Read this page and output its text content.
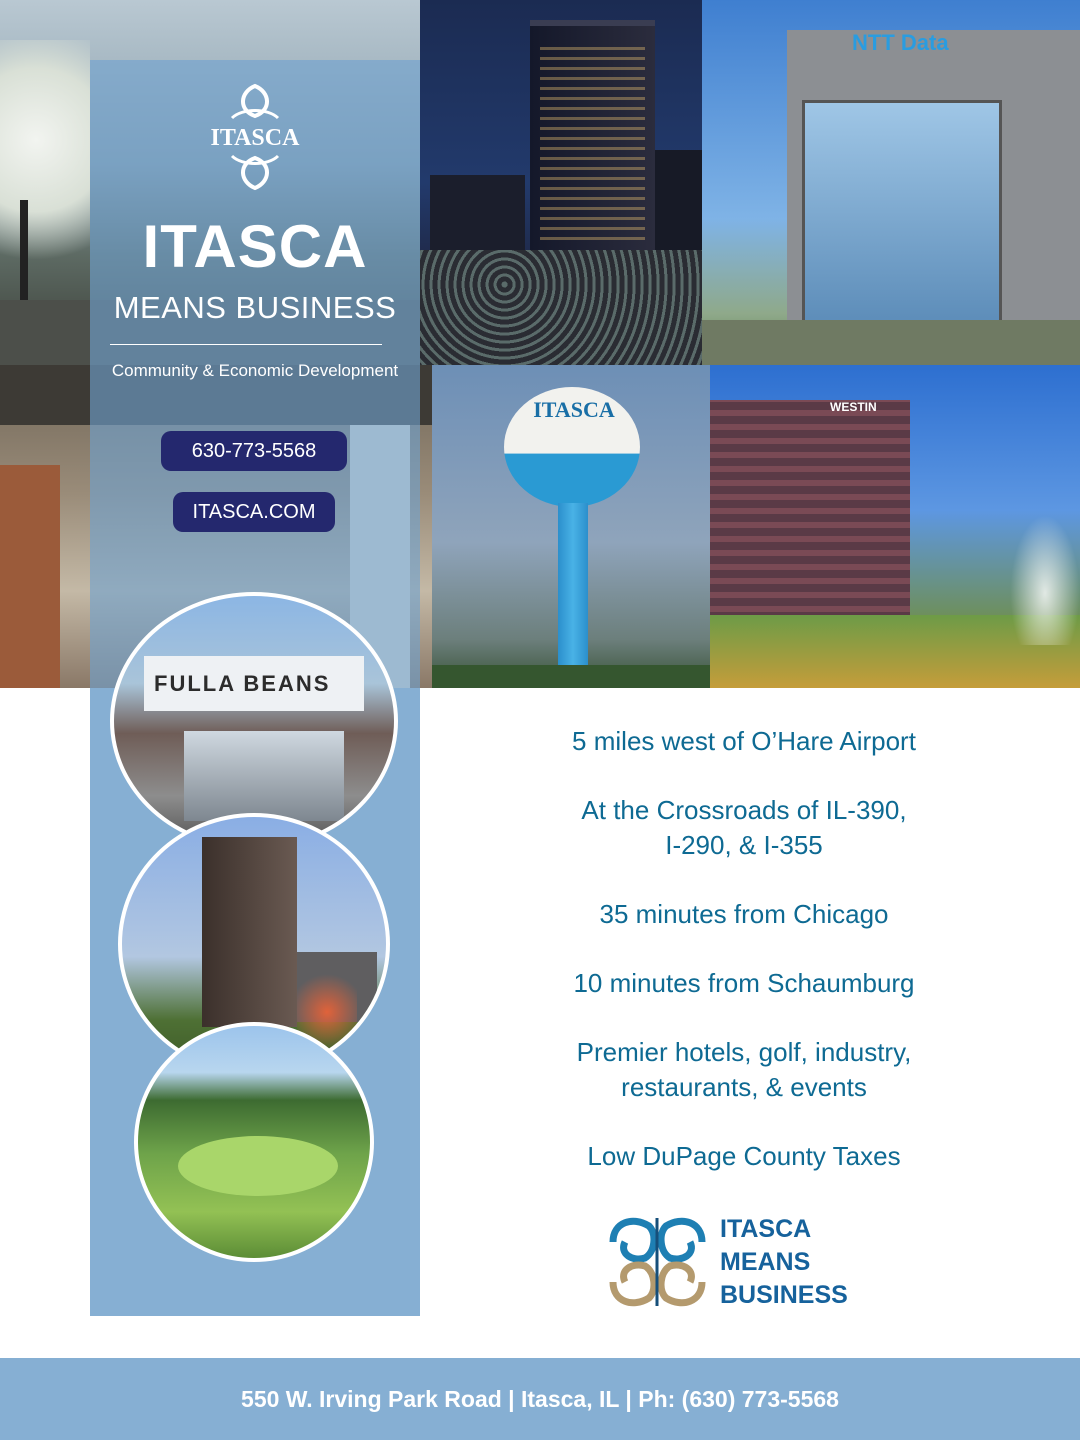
NTT Data
ITASCA	WESTIN
ITASCA
ITASCA
MEANS BUSINESS
Community & Economic Development
630-773-5568
ITASCA.COM
FULLA BEANS
5 miles west of O’Hare Airport
At the Crossroads of IL-390,
I-290, & I-355
35 minutes from Chicago
10 minutes from Schaumburg
Premier hotels, golf, industry,
restaurants, & events
Low DuPage County Taxes
ITASCA
MEANS
BUSINESS
550 W. Irving Park Road | Itasca, IL | Ph: (630) 773-5568
